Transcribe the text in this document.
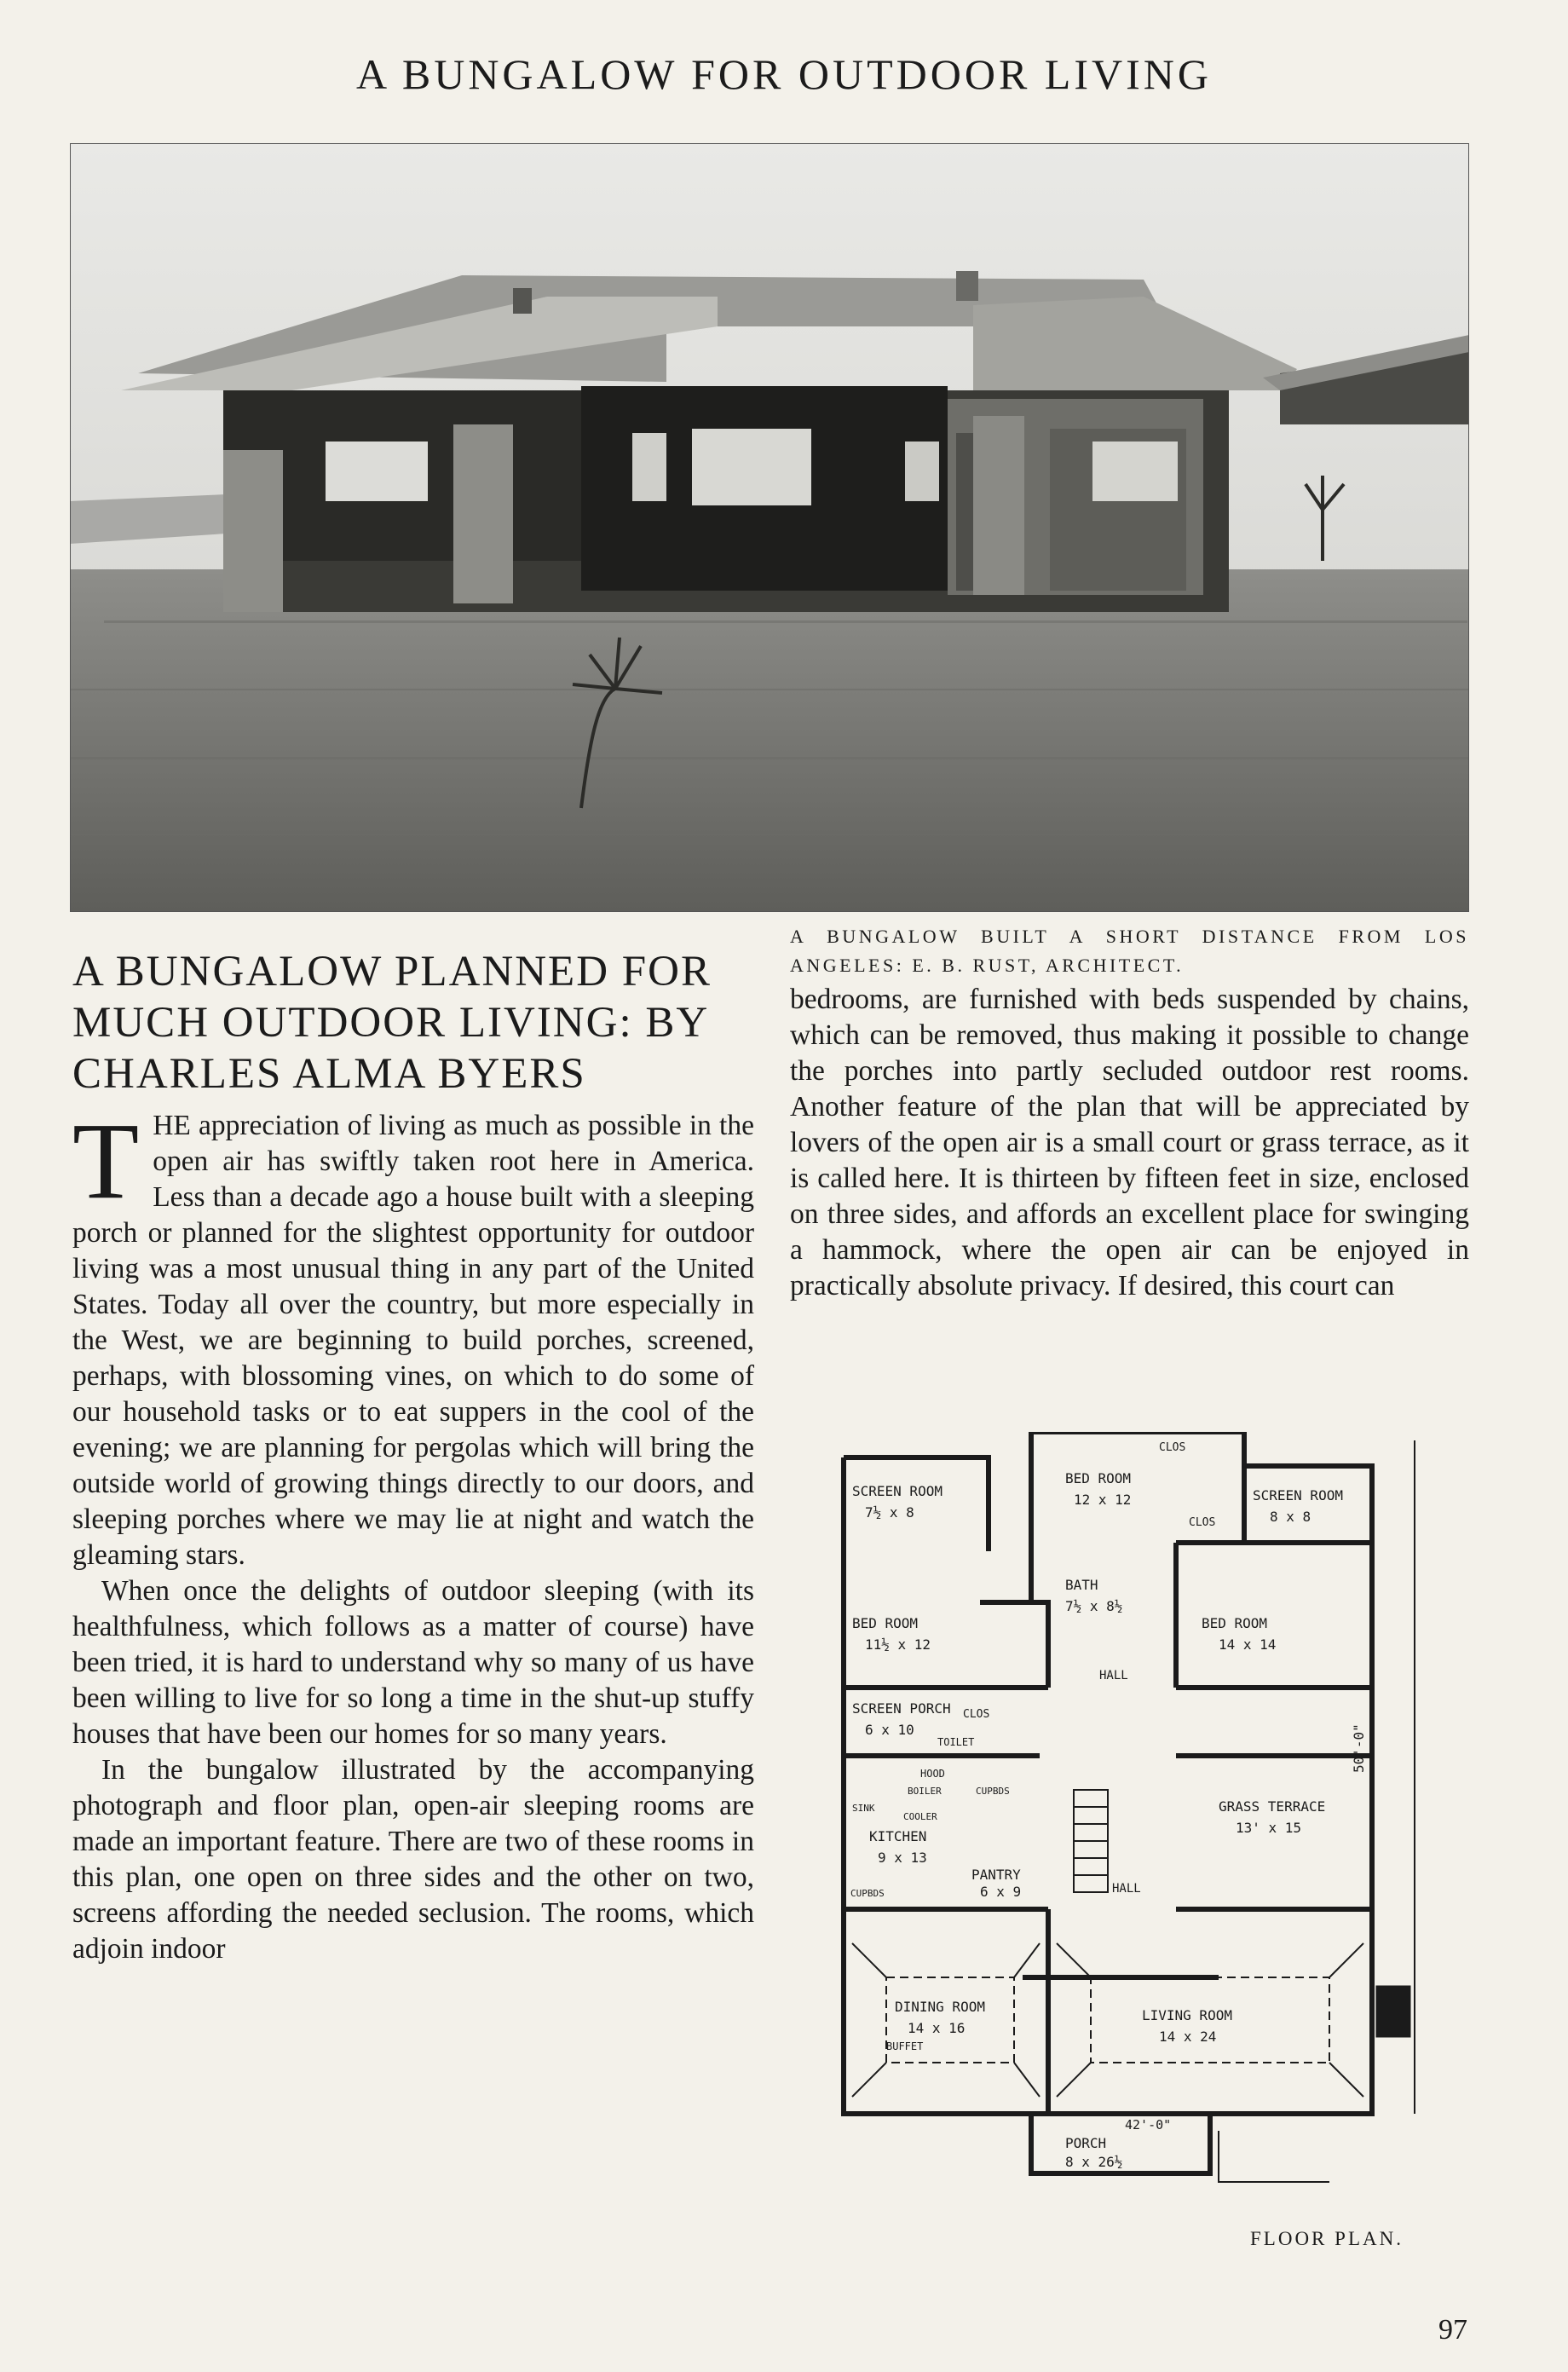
A BUNGALOW FOR OUTDOOR LIVING
A BUNGALOW BUILT A SHORT DISTANCE FROM LOS ANGELES: E. B. RUST, ARCHITECT.
A BUNGALOW PLANNED FOR MUCH OUTDOOR LIVING: BY CHARLES ALMA BYERS

THE appreciation of living as much as possible in the open air has swiftly taken root here in America. Less than a decade ago a house built with a sleeping porch or planned for the slightest opportunity for outdoor living was a most unusual thing in any part of the United States. Today all over the country, but more especially in the West, we are beginning to build porches, screened, perhaps, with blossoming vines, on which to do some of our household tasks or to eat suppers in the cool of the evening; we are planning for pergolas which will bring the outside world of growing things directly to our doors, and sleeping porches where we may lie at night and watch the gleaming stars.

When once the delights of outdoor sleeping (with its healthfulness, which follows as a matter of course) have been tried, it is hard to understand why so many of us have been willing to live for so long a time in the shut-up stuffy houses that have been our homes for so many years.

In the bungalow illustrated by the accompanying photograph and floor plan, open-air sleeping rooms are made an important feature. There are two of these rooms in this plan, one open on three sides and the other on two, screens affording the needed seclusion. The rooms, which adjoin indoor

bedrooms, are furnished with beds suspended by chains, which can be removed, thus making it possible to change the porches into partly secluded outdoor rest rooms. Another feature of the plan that will be appreciated by lovers of the open air is a small court or grass terrace, as it is called here. It is thirteen by fifteen feet in size, enclosed on three sides, and affords an excellent place for swinging a hammock, where the open air can be enjoyed in practically absolute privacy. If desired, this court can

BED ROOM
12 x 12
SCREEN ROOM
7½ x 8
SCREEN ROOM
8 x 8
BED ROOM
11½ x 12
BATH
7½ x 8½
BED ROOM
14 x 14
SCREEN PORCH
6 x 10
GRASS TERRACE
13' x 15
KITCHEN
9 x 13
PANTRY
6 x 9
DINING ROOM
14 x 16
LIVING ROOM
14 x 24
PORCH
8 x 26½
CLOS
CLOS
CLOS
HALL
HALL
TOILET
HOOD
BOILER	CUPBDS
SINK
COOLER
CUPBDS
BUFFET
50'-0"
42'-0"
FLOOR PLAN.
97
